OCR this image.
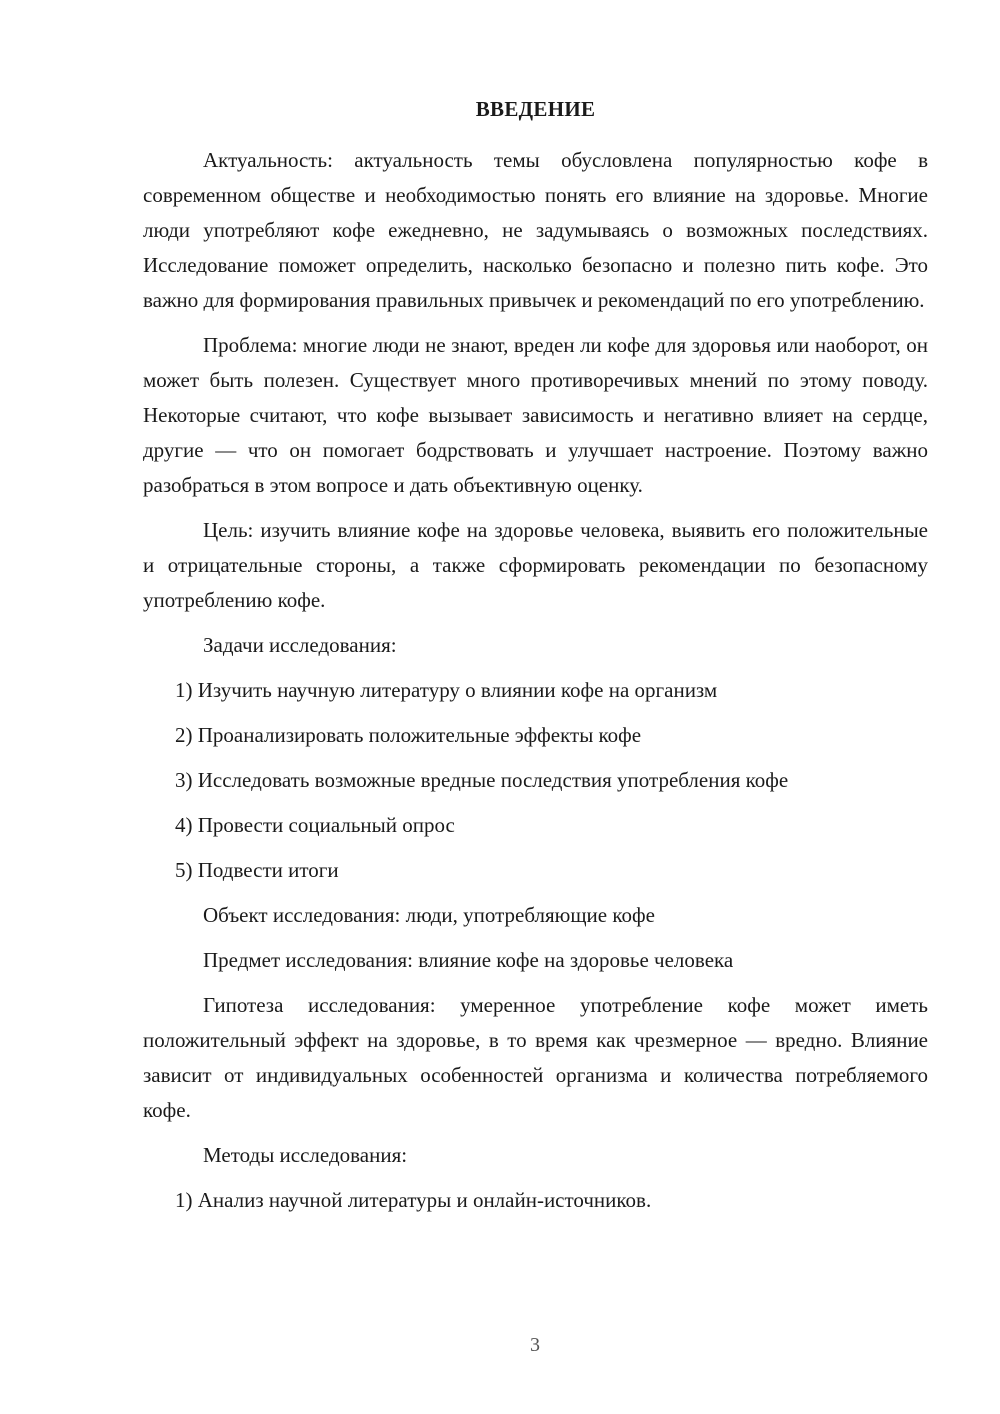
ВВЕДЕНИЕ

Актуальность: актуальность темы обусловлена популярностью кофе в современном обществе и необходимостью понять его влияние на здоровье. Многие люди употребляют кофе ежедневно, не задумываясь о возможных последствиях. Исследование поможет определить, насколько безопасно и полезно пить кофе. Это важно для формирования правильных привычек и рекомендаций по его употреблению.

Проблема: многие люди не знают, вреден ли кофе для здоровья или наоборот, он может быть полезен. Существует много противоречивых мнений по этому поводу. Некоторые считают, что кофе вызывает зависимость и негативно влияет на сердце, другие — что он помогает бодрствовать и улучшает настроение. Поэтому важно разобраться в этом вопросе и дать объективную оценку.

Цель: изучить влияние кофе на здоровье человека, выявить его положительные и отрицательные стороны, а также сформировать рекомендации по безопасному употреблению кофе.

Задачи исследования:
1) Изучить научную литературу о влиянии кофе на организм
2) Проанализировать положительные эффекты кофе
3) Исследовать возможные вредные последствия употребления кофе
4) Провести социальный опрос
5) Подвести итоги
Объект исследования: люди, употребляющие кофе
Предмет исследования: влияние кофе на здоровье человека

Гипотеза исследования: умеренное употребление кофе может иметь положительный эффект на здоровье, в то время как чрезмерное — вредно. Влияние зависит от индивидуальных особенностей организма и количества потребляемого кофе.

Методы исследования:
1) Анализ научной литературы и онлайн-источников.
3
